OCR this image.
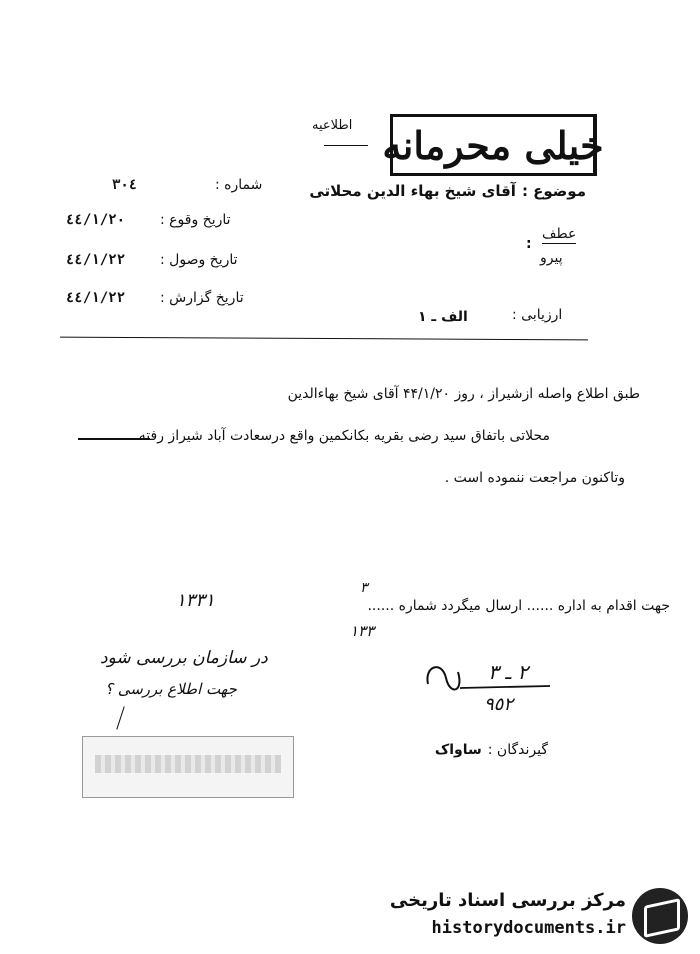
خیلی محرمانه
اطلاعیه
شماره :
٣٠٤	موضوع :
آقای شیخ بهاء الدین محلاتی
تاریخ وقوع :
٤٤/١/٢٠
عطف
:
پیرو
تاریخ وصول :
٤٤/١/٢٢
تاریخ گزارش :
٤٤/١/٢٢
ارزیابی :
الف ـ ۱
طبق اطلاع واصله ازشیراز ، روز ۴۴/۱/۲۰ آقای شیخ بهاءالدین
محلاتی باتفاق سید رضی بقریه بکانکمین واقع درسعادت آباد شیراز رفته
وتاکنون مراجعت ننموده است .
جهت اقدام به اداره ...... ارسال میگردد شماره ......
٣
١٣٣١
١٣٣
در سازمان بررسی شود
جهت اطلاع بررسی ؟
٢ ـ ٣
٩٥٢
گیرندگان :
ساواک
مرکز بررسی اسناد تاریخی
historydocuments.ir
